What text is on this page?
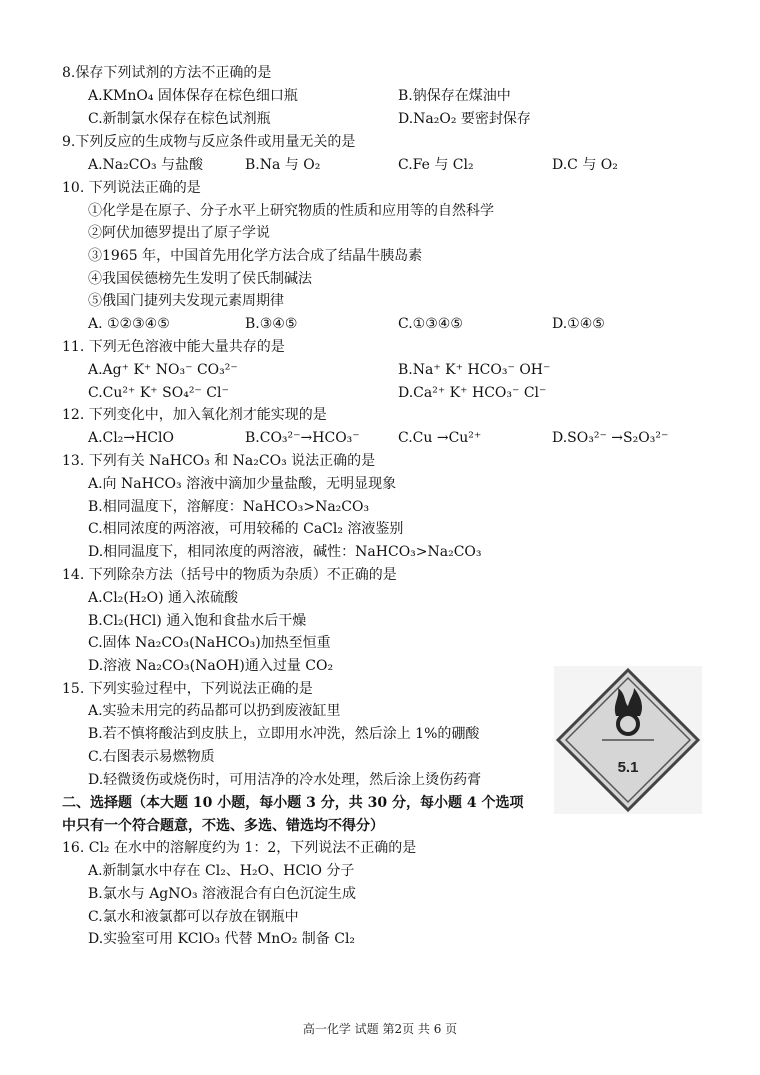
8.保存下列试剂的方法不正确的是
A.KMnO₄ 固体保存在棕色细口瓶	B.钠保存在煤油中
C.新制氯水保存在棕色试剂瓶	D.Na₂O₂ 要密封保存
9.下列反应的生成物与反应条件或用量无关的是
A.Na₂CO₃ 与盐酸	B.Na 与 O₂	C.Fe 与 Cl₂	D.C 与 O₂
10. 下列说法正确的是
①化学是在原子、分子水平上研究物质的性质和应用等的自然科学
②阿伏加德罗提出了原子学说
③1965 年，中国首先用化学方法合成了结晶牛胰岛素
④我国侯德榜先生发明了侯氏制碱法
⑤俄国门捷列夫发现元素周期律
A. ①②③④⑤	B.③④⑤	C.①③④⑤	D.①④⑤
11. 下列无色溶液中能大量共存的是
A.Ag⁺ K⁺ NO₃⁻ CO₃²⁻	B.Na⁺ K⁺ HCO₃⁻ OH⁻
C.Cu²⁺ K⁺ SO₄²⁻ Cl⁻	D.Ca²⁺ K⁺ HCO₃⁻ Cl⁻
12. 下列变化中，加入氧化剂才能实现的是
A.Cl₂→HClO	B.CO₃²⁻→HCO₃⁻	C.Cu →Cu²⁺	D.SO₃²⁻ →S₂O₃²⁻
13. 下列有关 NaHCO₃ 和 Na₂CO₃ 说法正确的是
A.向 NaHCO₃ 溶液中滴加少量盐酸，无明显现象
B.相同温度下，溶解度：NaHCO₃>Na₂CO₃
C.相同浓度的两溶液，可用较稀的 CaCl₂ 溶液鉴别
D.相同温度下，相同浓度的两溶液，碱性：NaHCO₃>Na₂CO₃
14. 下列除杂方法（括号中的物质为杂质）不正确的是
A.Cl₂(H₂O) 通入浓硫酸
B.Cl₂(HCl) 通入饱和食盐水后干燥
C.固体 Na₂CO₃(NaHCO₃)加热至恒重
D.溶液 Na₂CO₃(NaOH)通入过量 CO₂
15. 下列实验过程中，下列说法正确的是
A.实验未用完的药品都可以扔到废液缸里
B.若不慎将酸沾到皮肤上，立即用水冲洗，然后涂上 1%的硼酸
C.右图表示易燃物质
D.轻微烫伤或烧伤时，可用洁净的冷水处理，然后涂上烫伤药膏
5.1
二、选择题（本大题 10 小题，每小题 3 分，共 30 分，每小题 4 个选项
中只有一个符合题意，不选、多选、错选均不得分）
16. Cl₂ 在水中的溶解度约为 1：2，下列说法不正确的是
A.新制氯水中存在 Cl₂、H₂O、HClO 分子
B.氯水与 AgNO₃ 溶液混合有白色沉淀生成
C.氯水和液氯都可以存放在钢瓶中
D.实验室可用 KClO₃ 代替 MnO₂ 制备 Cl₂
高一化学 试题 第2页 共 6 页
